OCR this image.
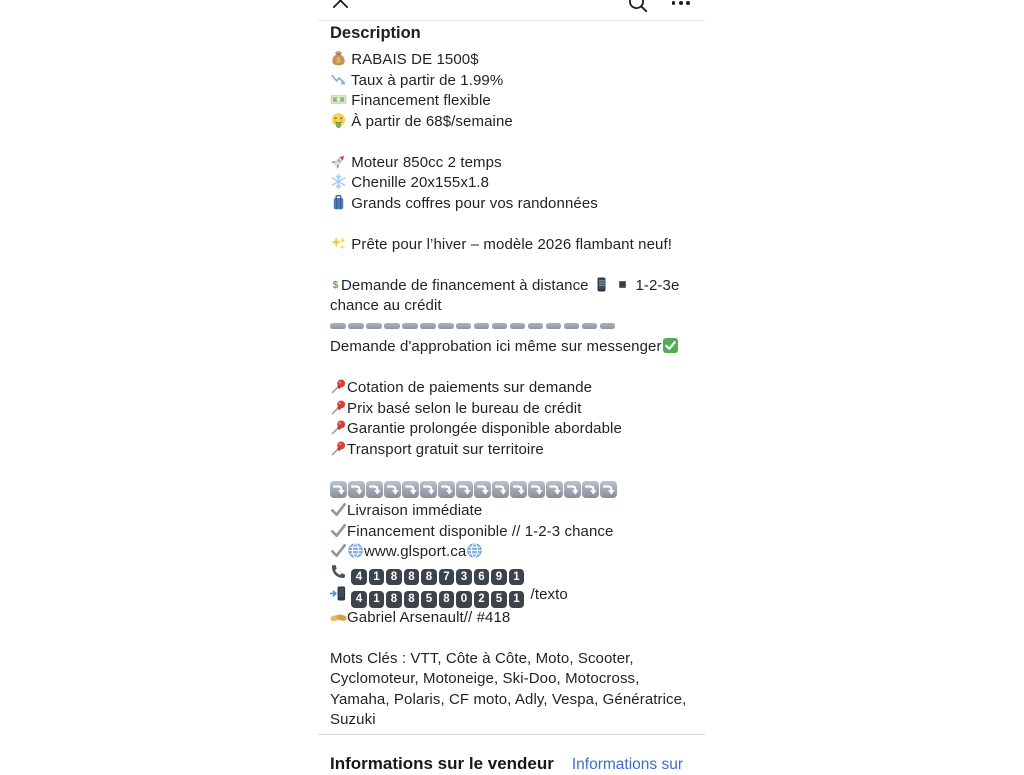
Description
$ RABAIS DE 1500$
Taux à partir de 1.99%
Financement flexible
À partir de 68$/semaine
Moteur 850cc 2 temps
Chenille 20x155x1.8
Grands coffres pour vos randonnées
Prête pour l’hiver – modèle 2026 flambant neuf!
$ Demande de financement à distance
	1-2-3e chance au crédit
Demande d'approbation ici même sur messenger
Cotation de paiements sur demande
Prix basé selon le bureau de crédit
Garantie prolongée disponible abordable
Transport gratuit sur territoire
Livraison immédiate
Financement disponible // 1-2-3 chance
www.glsport.ca
4 1 8 8 8 7 3 6 9 1
4 1 8 8 5 8 0 2 5 1 /texto
Gabriel Arsenault// #418
Mots Clés : VTT, Côte à Côte, Moto, Scooter, Cyclomoteur, Motoneige, Ski-Doo, Motocross, Yamaha, Polaris, CF moto, Adly, Vespa, Génératrice, Suzuki
Informations sur le vendeur Informations sur
